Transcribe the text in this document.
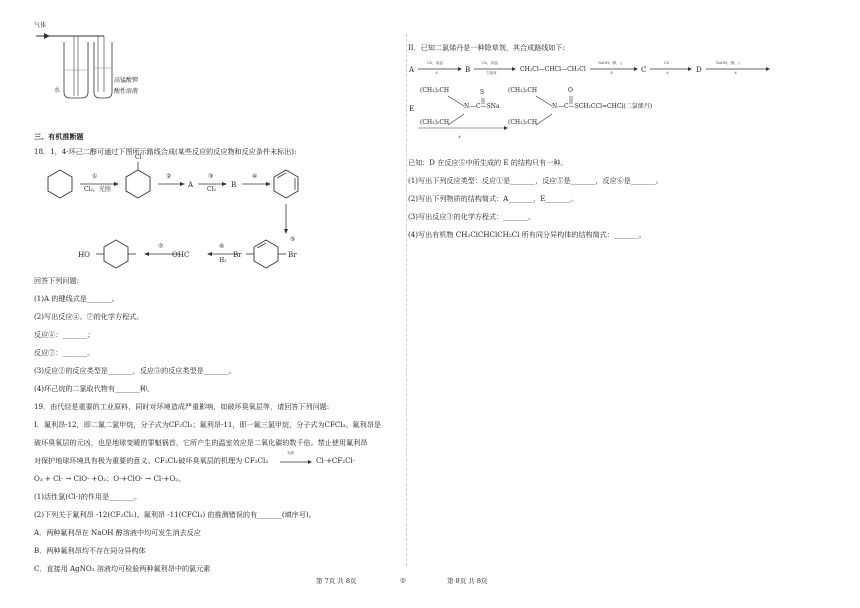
气体
水
高锰酸钾
酸性溶液
三、有机推断题
18．1，4-环己二醇可通过下图所示路线合成(某些反应的反应物和反应条件未标出):
Cl
①
Cl₂，光照
②
A
③
Cl₂
B
④
⑤
Br	Br
⑥
H₂
C
⑦
HO	OH
回答下列问题:
(1)A 的键线式是_______。
(2)写出反应④、⑦的化学方程式。
反应④：_______；
反应⑦：_______。
(3)反应②的反应类型是_______，反应⑤的反应类型是_______。
(4)环己烷的二氯取代物有_______种。
19．由代烃是重要的工业原料，同时对环境造成严重影响，如破坏臭氧层等，请回答下列问题:
I．氟利昂-12，即二氟二氯甲烷，分子式为CF₂Cl₂；氟利昂-11，即一氟三氯甲烷，分子式为CFCl₃。氟利昂是
破坏臭氧层的元凶，也是地球变暖的罪魁祸首，它所产生的温室效应是二氧化碳的数千倍。禁止使用氟利昂
对保护地球环境具有极为重要的意义。CF₂Cl₂破坏臭氧层的机理为 CF₂Cl₂
光照
Cl·+CF₂Cl·
O₃ + Cl· → ClO· +O₂；O·+ClO· → Cl·+O₂。
(1)活性氯(Cl·)的作用是_______。
(2)下列关于氟利昂 -12(CF₂Cl₂)、氟利昂 -11(CFCl₃) 的推测错误的有_______(填序号)。
A．两种氟利昂在 NaOH 醇溶液中均可发生消去反应
B．两种氟利昂均不存在同分异构体
C．直接用 AgNO₃ 溶液均可检验两种氟利昂中的氯元素
II．已知二氯烯丹是一种除草剂，其合成路线如下:
A
Cl₂，高温
①	B
Cl₂，常温
②加成	CH₂Cl—CHCl—CH₂Cl
NaOH，醇，△
③	C
Cl₂
④	D
NaOH，醇，△
⑤
E
(CH₃)₂CH
(CH₃)₂CH
S
N —C—SNa
⑥
(CH₃)₂CH
(CH₃)₂CH
O
N —C—SCH₂CCl=CHCl(二氯烯丹)
已知：D 在反应⑤中所生成的 E 的结构只有一种。
(1)写出下列反应类型：反应①是_______，反应⑤是_______，反应⑥是_______。
(2)写出下列物质的结构简式：A_______，E_______。
(3)写出反应③的化学方程式：_______。
(4)写出有机物 CH₂ClCHClCH₂Cl 所有同分异构体的结构简式：_______。
第 7页 共 8页	◎	第 8页 共 8页
